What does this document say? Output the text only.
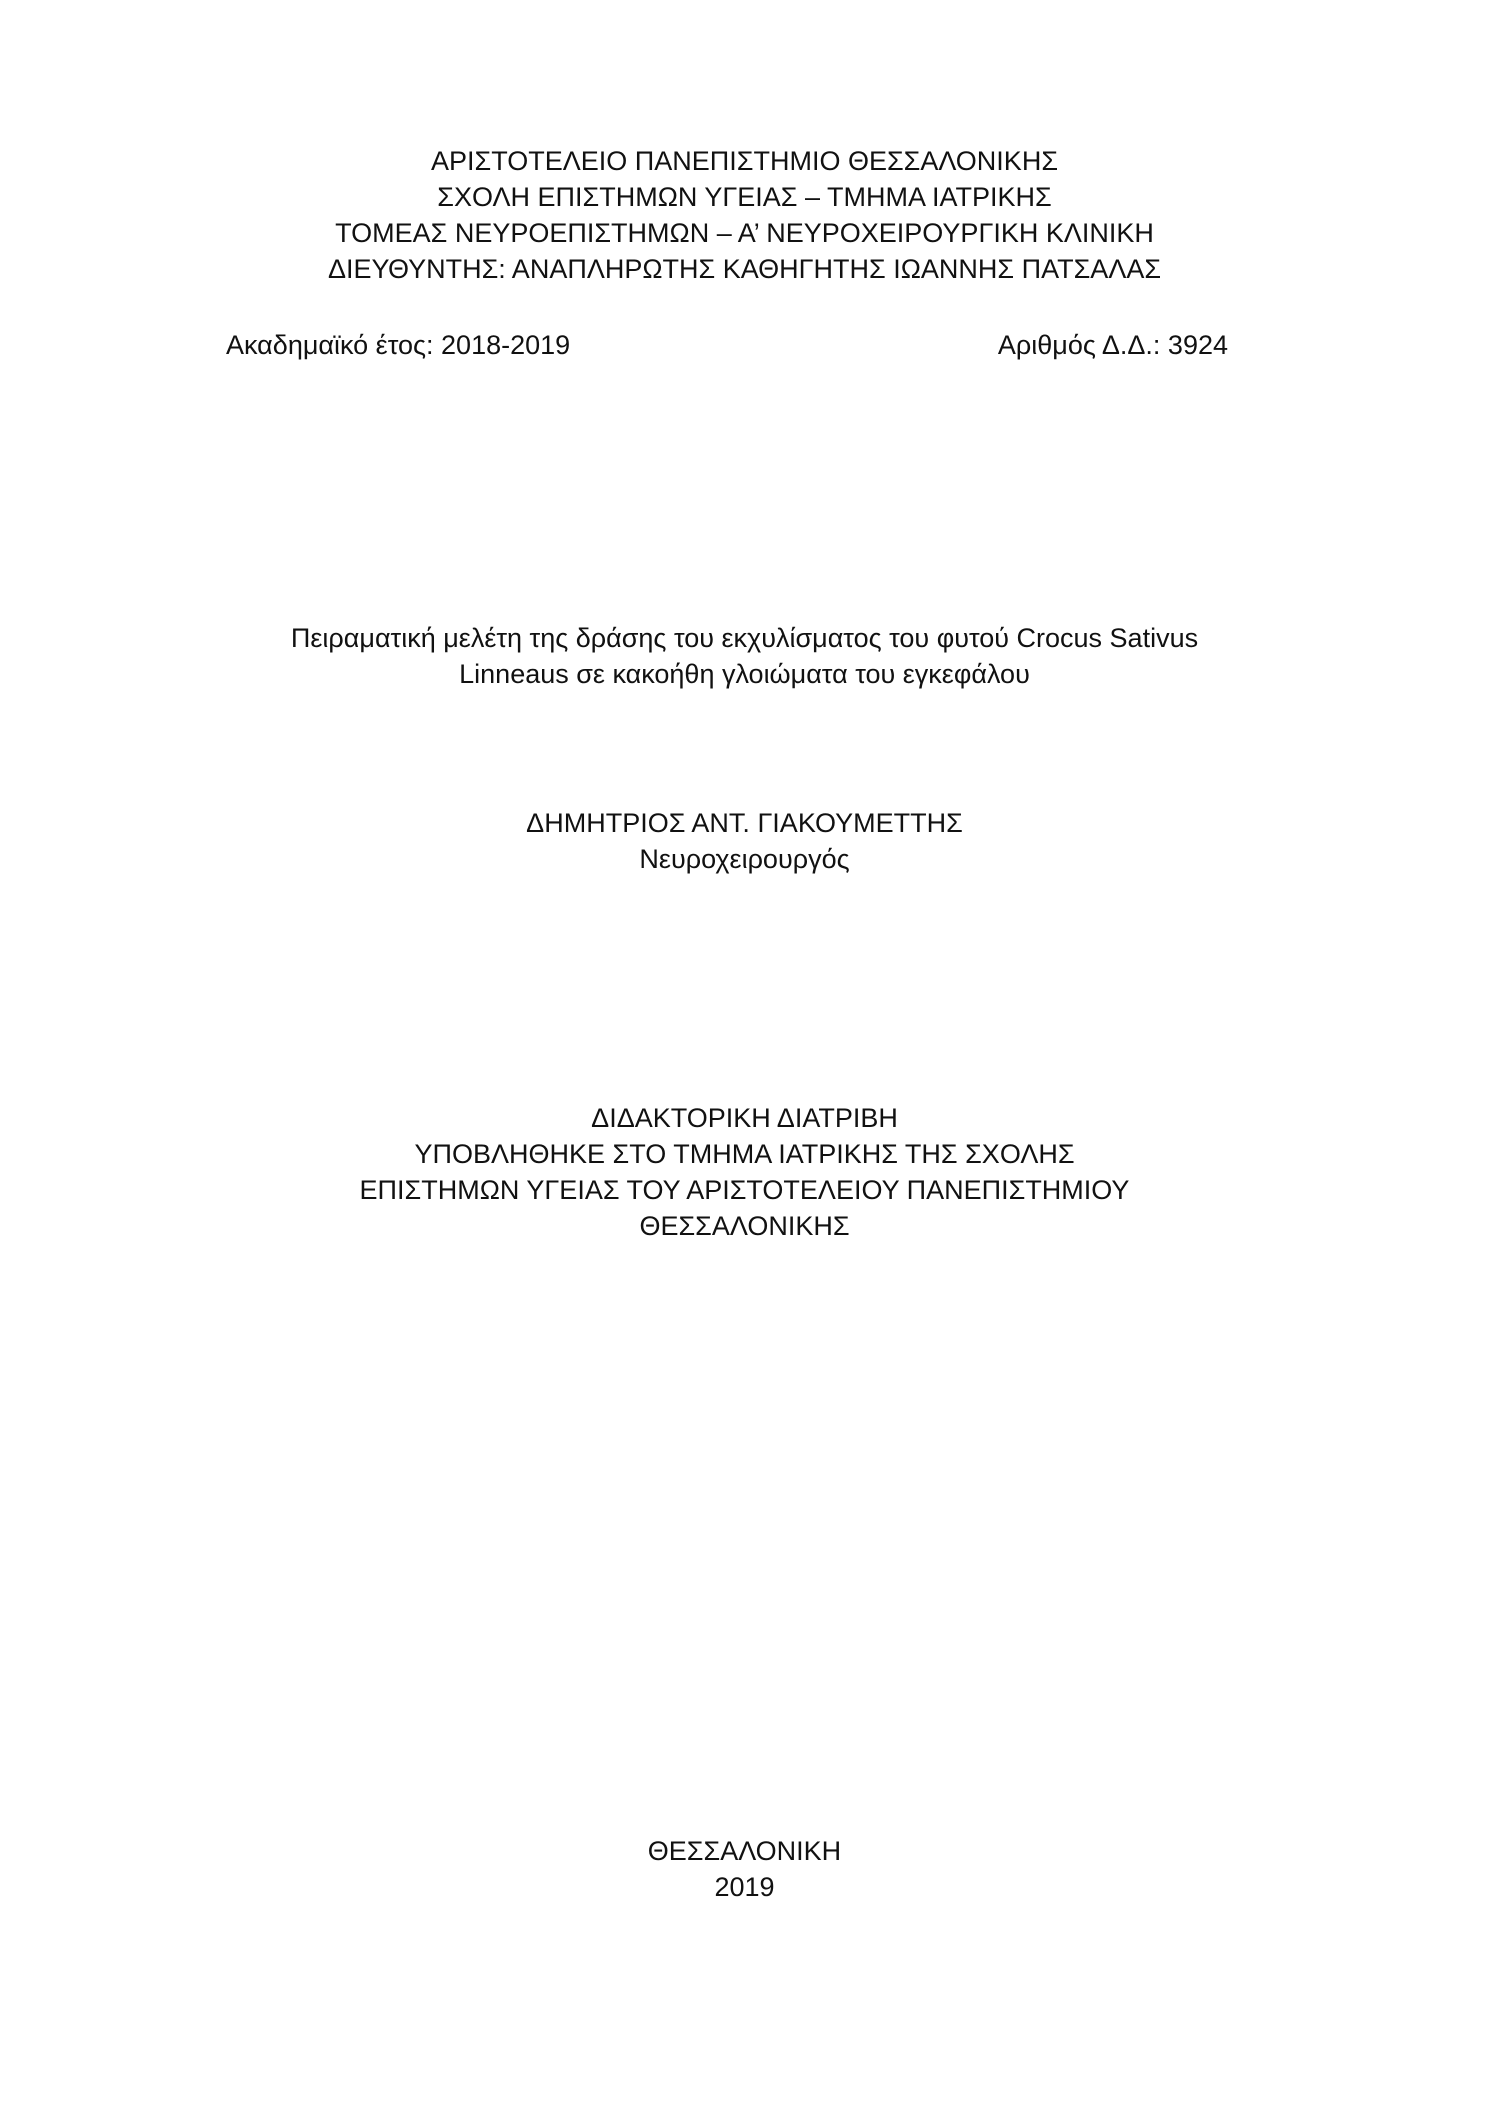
ΑΡΙΣΤΟΤΕΛΕΙΟ ΠΑΝΕΠΙΣΤΗΜΙΟ ΘΕΣΣΑΛΟΝΙΚΗΣ
ΣΧΟΛΗ ΕΠΙΣΤΗΜΩΝ ΥΓΕΙΑΣ – ΤΜΗΜΑ ΙΑΤΡΙΚΗΣ
ΤΟΜΕΑΣ ΝΕΥΡΟΕΠΙΣΤΗΜΩΝ – Α’ ΝΕΥΡΟΧΕΙΡΟΥΡΓΙΚΗ ΚΛΙΝΙΚΗ
ΔΙΕΥΘΥΝΤΗΣ: ΑΝΑΠΛΗΡΩΤΗΣ ΚΑΘΗΓΗΤΗΣ ΙΩΑΝΝΗΣ ΠΑΤΣΑΛΑΣ
Ακαδημαϊκό έτος: 2018-2019	Αριθμός Δ.Δ.: 3924
Πειραματική μελέτη της δράσης του εκχυλίσματος του φυτού Crocus Sativus
Linneaus σε κακοήθη γλοιώματα του εγκεφάλου
ΔΗΜΗΤΡΙΟΣ ΑΝΤ. ΓΙΑΚΟΥΜΕΤΤΗΣ
Νευροχειρουργός
ΔΙΔΑΚΤΟΡΙΚΗ ΔΙΑΤΡΙΒΗ
ΥΠΟΒΛΗΘΗΚΕ ΣΤΟ ΤΜΗΜΑ ΙΑΤΡΙΚΗΣ ΤΗΣ ΣΧΟΛΗΣ
ΕΠΙΣΤΗΜΩΝ ΥΓΕΙΑΣ ΤΟΥ ΑΡΙΣΤΟΤΕΛΕΙΟΥ ΠΑΝΕΠΙΣΤΗΜΙΟΥ
ΘΕΣΣΑΛΟΝΙΚΗΣ
ΘΕΣΣΑΛΟΝΙΚΗ
2019
